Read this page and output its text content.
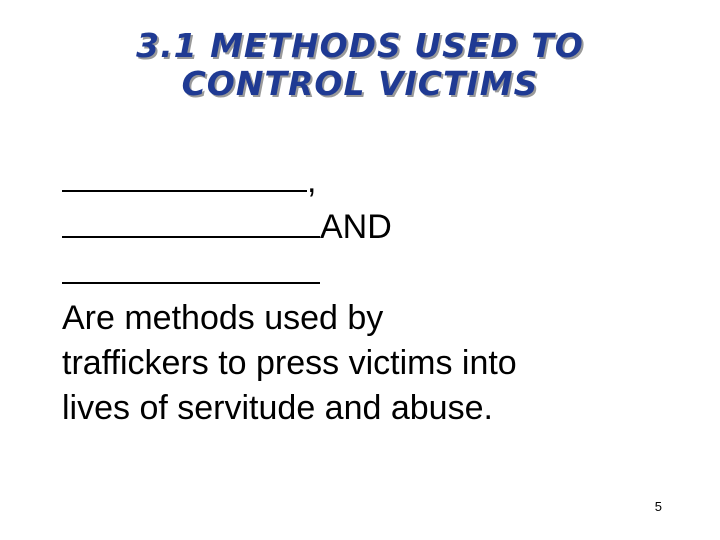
3.1 METHODS USED TO
CONTROL VICTIMS
,
AND
Are methods used by
traffickers to press victims into
lives of servitude and abuse.
5
